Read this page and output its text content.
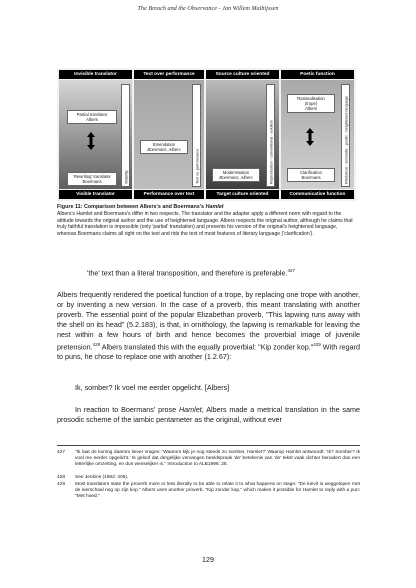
The Breach and the Observance - Jan Willem Mathijssen
Invisible translator
Partial translator
Albers
'Rewriting' translator
Boermans	Visibility
Visible translator
Text over performance
Emendation
Boermans, Albers	Text vs. performance
Performance over text
Source culture oriented
Modernisation
Boermans, Albers	Reproduction - conventional - solution
Target culture oriented
Poetic function
Rationalisation
(trope)
Albers
Clarification
Boermans	Rhetorical - semantic - poetic - heightened language
Communicative function
Figure 11: Comparison between Albers's and Boermans's Hamlet
Albers's Hamlet and Boermans's differ in two respects. The translator and the adapter apply a different norm with regard to the attitude towards the original author and the use of heightened language. Albers respects the original author, although he claims that truly faithful translation is impossible (only 'partial' translation) and presents his version of the original's heightened language, whereas Boermans claims all right on the text and rids the text of most features of literary language ('clarification').
'the' text than a literal transposition, and therefore is preferable.$^{427}$
Albers frequently rendered the poetical function of a trope, by replacing one trope with another, or by inventing a new version. In the case of a proverb, this meant translating with another proverb. The essential point of the popular Elizabethan proverb, "This lapwing runs away with the shell on its head" (5.2.183), is that, in ornithology, the lapwing is remarkable for leaving the nest within a few hours of birth and hence becomes the proverbial image of juvenile pretension.$^{428}$ Albers translated this with the equally proverbial: "Kip zonder kop."$^{429}$ With regard to puns, he chose to replace one with another (1.2.67):
Ik, somber? Ik voel me eerder opgelicht. [Albers]
In reaction to Boermans' prose Hamlet, Albers made a metrical translation in the same prosodic scheme of the iambic pentameter as the original, without ever
427 "Ik laat de koning daarom liever vragen: 'Waarom kijk je nog steeds zo somber, Hamlet?' Waarop Hamlet antwoordt: 'Ik? Somber? Ik voel me eerder opgelicht.' Ik geloof dat dergelijke vervangen beeldspraak 'de' betekenis van 'de' tekst vaak dichter benadert dan een letterlijke omzetting, en dus wenselijker is." Introduction to ALB1998: 28.
428 See Jenkins (1982: 405).
429 Most translators state the proverb more or less literally to be able to relate it to what happens on stage: "De kievit is weggelopen met de eierschaal nog op zijn kop." Albers uses another proverb, "Kip zonder kop," which makes it possible for Hamlet to reply with a pun: "Met hoed."
129
